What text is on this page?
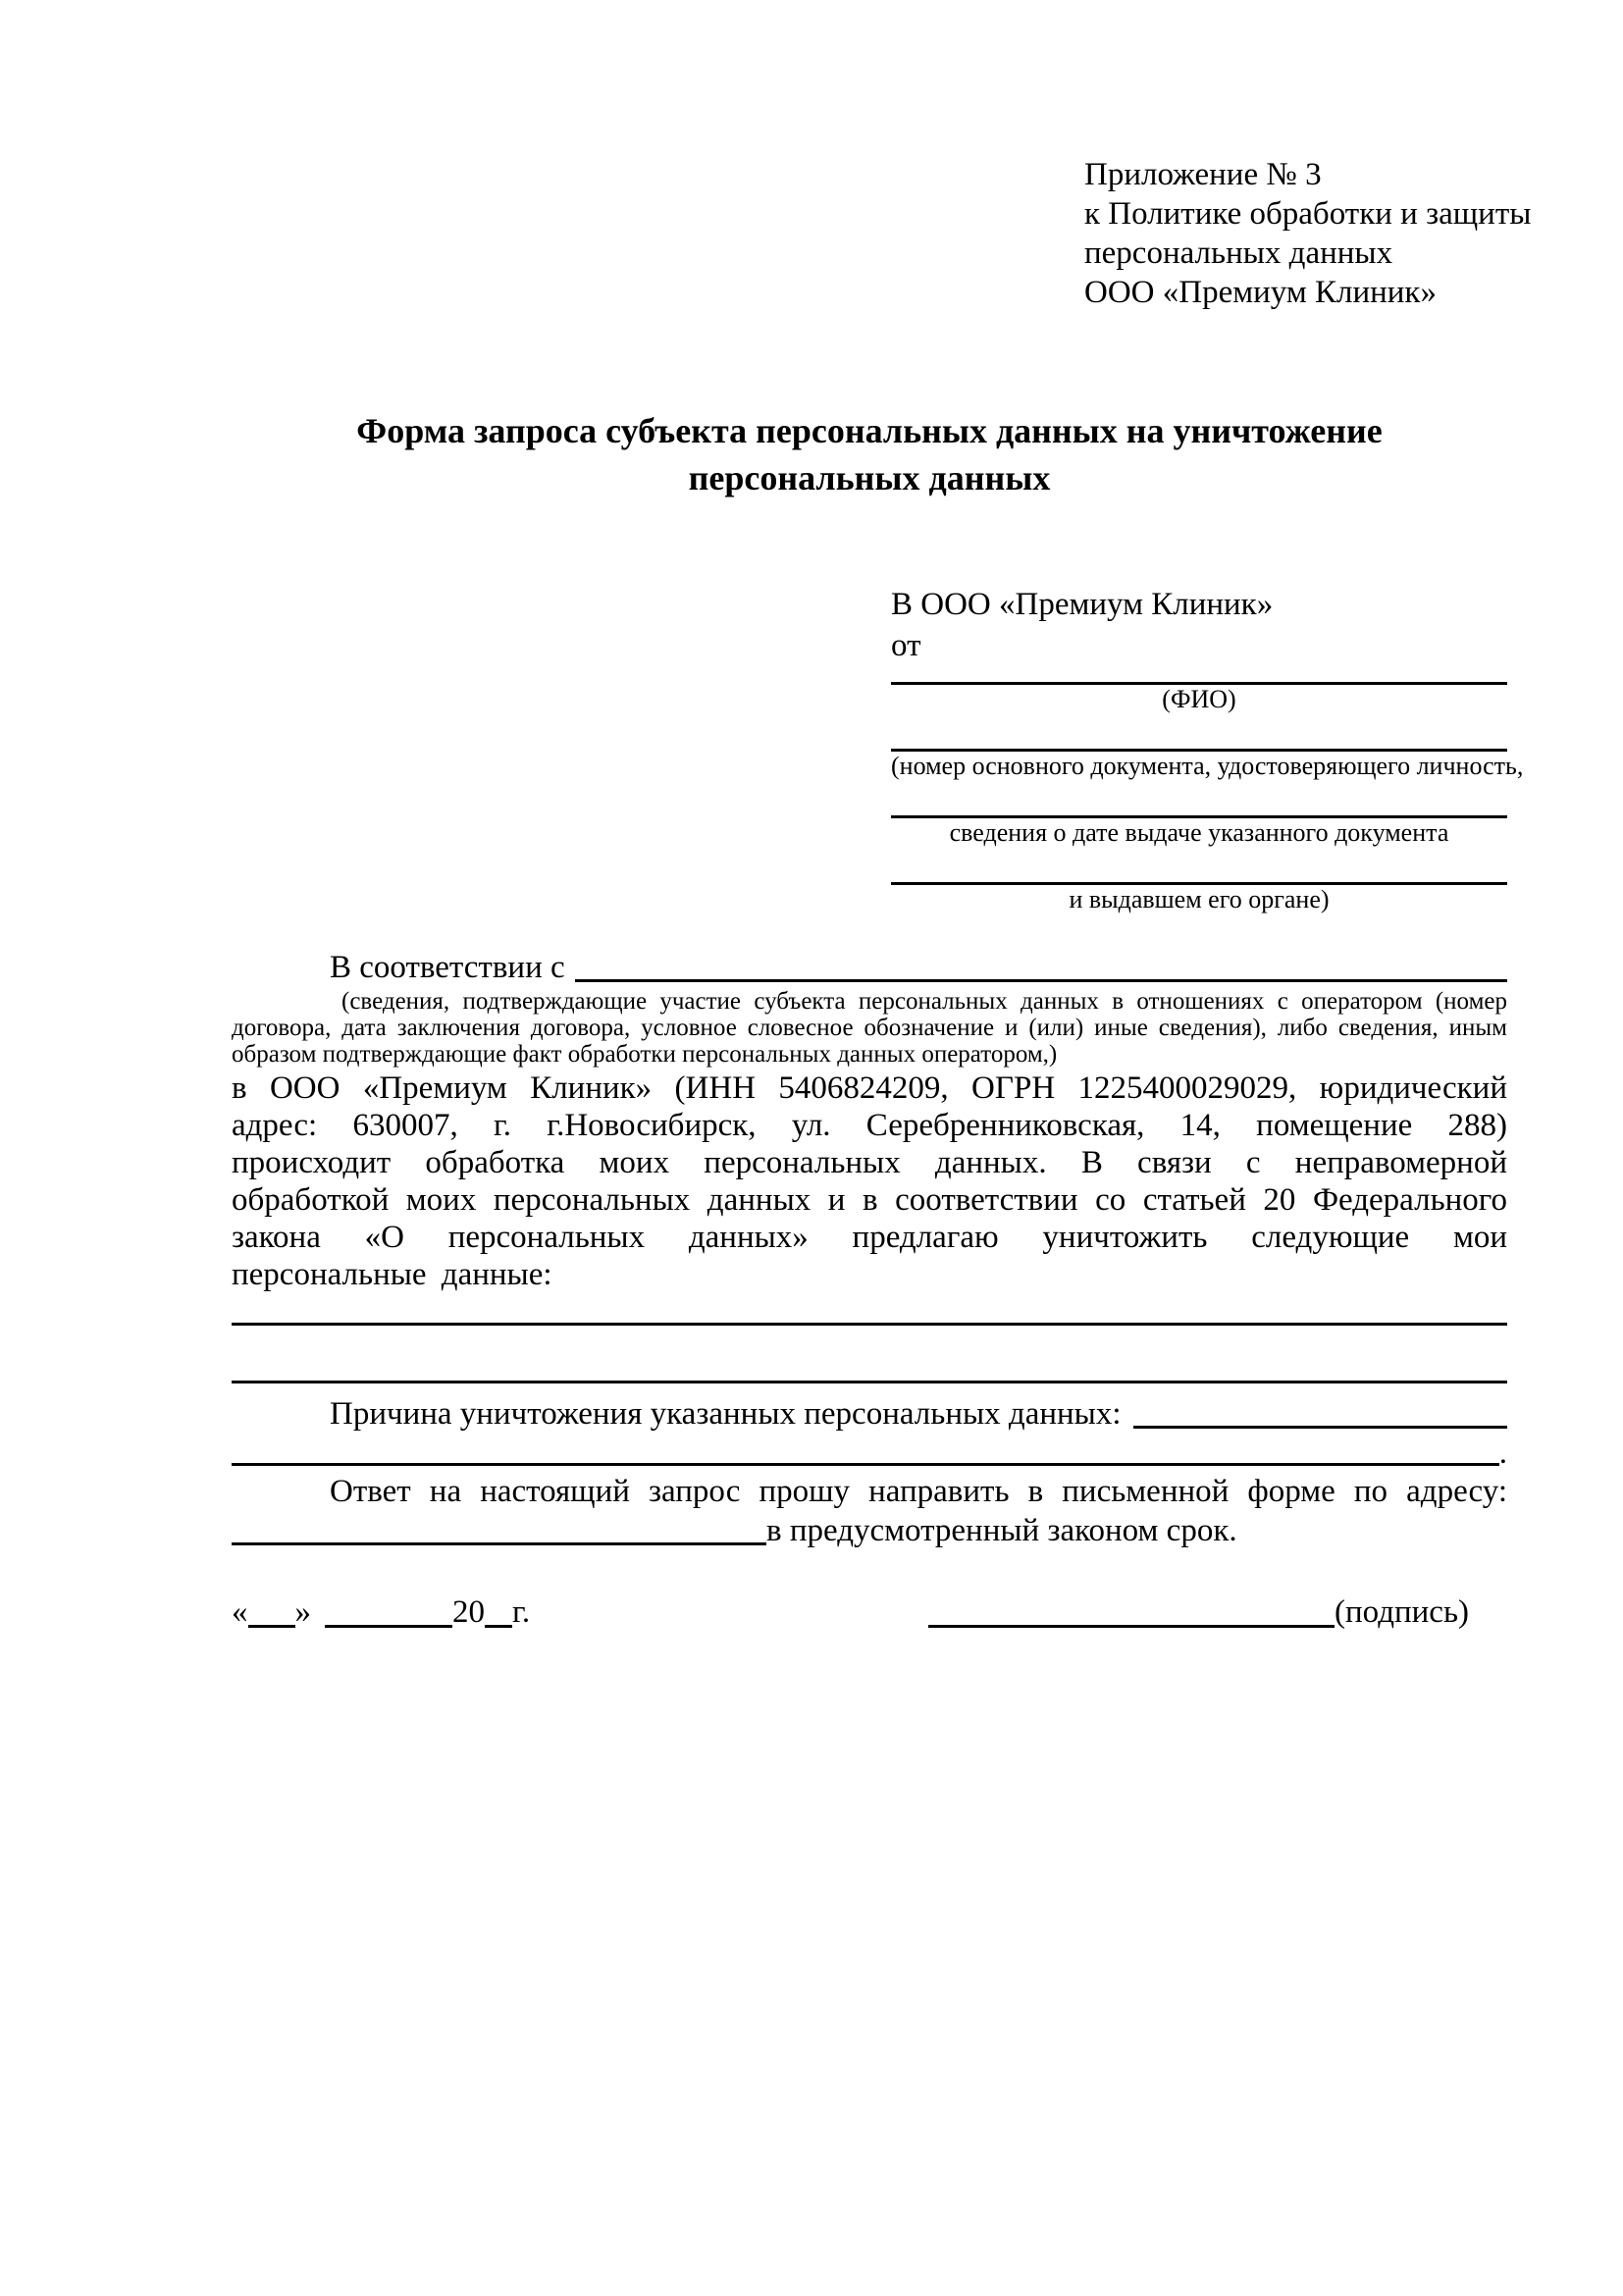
Приложение № 3
к Политике обработки и защиты
персональных данных
ООО «Премиум Клиник»
Форма запроса субъекта персональных данных на уничтожение
персональных данных
В ООО «Премиум Клиник»
от
(ФИО)
(номер основного документа, удостоверяющего личность,
сведения о дате выдаче указанного документа
и выдавшем его органе)
В соответствии с

(сведения, подтверждающие участие субъекта персональных данных в отношениях с оператором (номер договора, дата заключения договора, условное словесное обозначение и (или) иные сведения), либо сведения, иным образом подтверждающие факт обработки персональных данных оператором,)

в ООО «Премиум Клиник» (ИНН 5406824209, ОГРН 1225400029029, юридический адрес: 630007, г. г.Новосибирск, ул. Серебренниковская, 14, помещение 288) происходит обработка моих персональных данных. В связи с неправомерной обработкой моих персональных данных и в соответствии со статьей 20 Федерального закона «О персональных данных» предлагаю уничтожить следующие мои персональные данные:

Причина уничтожения указанных персональных данных:
.

Ответ на настоящий запрос прошу направить в письменной форме по адресу:

в предусмотренный законом срок.
« »	20 г.	(подпись)
